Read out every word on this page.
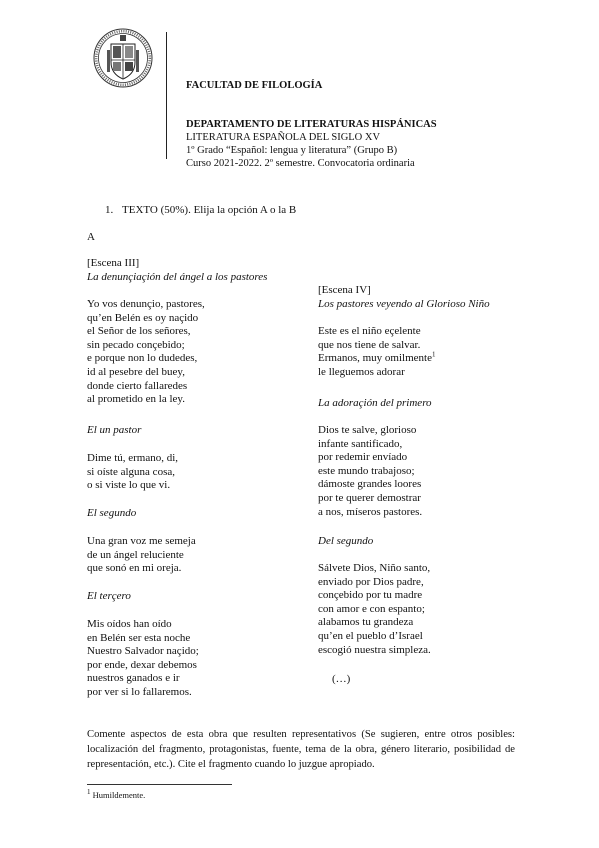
FACULTAD DE FILOLOGÍA
DEPARTAMENTO DE LITERATURAS HISPÁNICAS
LITERATURA ESPAÑOLA DEL SIGLO XV
1º Grado “Español: lengua y literatura” (Grupo B)
Curso 2021-2022. 2º semestre. Convocatoria ordinaria
1. TEXTO (50%). Elija la opción A o la B
A
[Escena III]
La denunçiaçión del ángel a los pastores
Yo vos denunçio, pastores,
qu’en Belén es oy naçido
el Señor de los señores,
sin pecado conçebido;
e porque non lo dudedes,
id al pesebre del buey,
donde cierto fallaredes
al prometido en la ley.
El un pastor
Dime tú, ermano, di,
si oíste alguna cosa,
o si viste lo que vi.
El segundo
Una gran voz me semeja
de un ángel reluciente
que sonó en mi oreja.
El terçero
Mis oídos han oído
en Belén ser esta noche
Nuestro Salvador naçido;
por ende, dexar debemos
nuestros ganados e ir
por ver si lo fallaremos.
[Escena IV]
Los pastores veyendo al Glorioso Niño
Este es el niño eçelente
que nos tiene de salvar.
Ermanos, muy omilmente$^1$
le lleguemos adorar
La adoraçión del primero
Dios te salve, glorioso
infante santificado,
por redemir envíado
este mundo trabajoso;
dámoste grandes loores
por te querer demostrar
a nos, míseros pastores.
Del segundo
Sálvete Dios, Niño santo,
enviado por Dios padre,
conçebido por tu madre
con amor e con espanto;
alabamos tu grandeza
qu’en el pueblo d’Israel
escogió nuestra simpleza.
(…)
Comente aspectos de esta obra que resulten representativos (Se sugieren, entre otros posibles: localización del fragmento, protagonistas, fuente, tema de la obra, género literario, posibilidad de representación, etc.). Cite el fragmento cuando lo juzgue apropiado.
$^1$ Humildemente.
